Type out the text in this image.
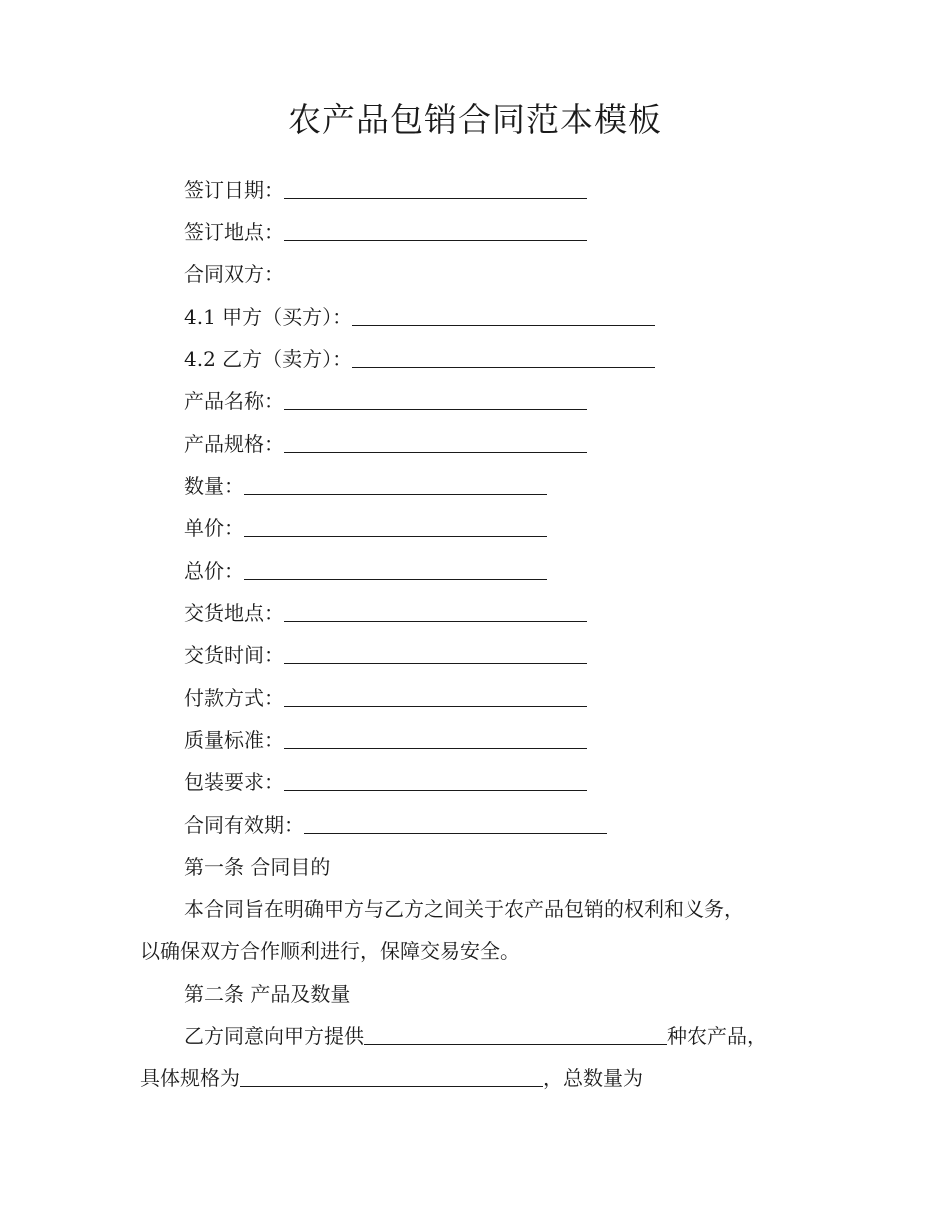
农产品包销合同范本模板
签订日期：
签订地点：
合同双方：
4.1 甲方（买方）：
4.2 乙方（卖方）：
产品名称：
产品规格：
数量：
单价：
总价：
交货地点：
交货时间：
付款方式：
质量标准：
包装要求：
合同有效期：
第一条 合同目的
本合同旨在明确甲方与乙方之间关于农产品包销的权利和义务，
以确保双方合作顺利进行，保障交易安全。
第二条 产品及数量
乙方同意向甲方提供	种农产品，
具体规格为	，总数量为
